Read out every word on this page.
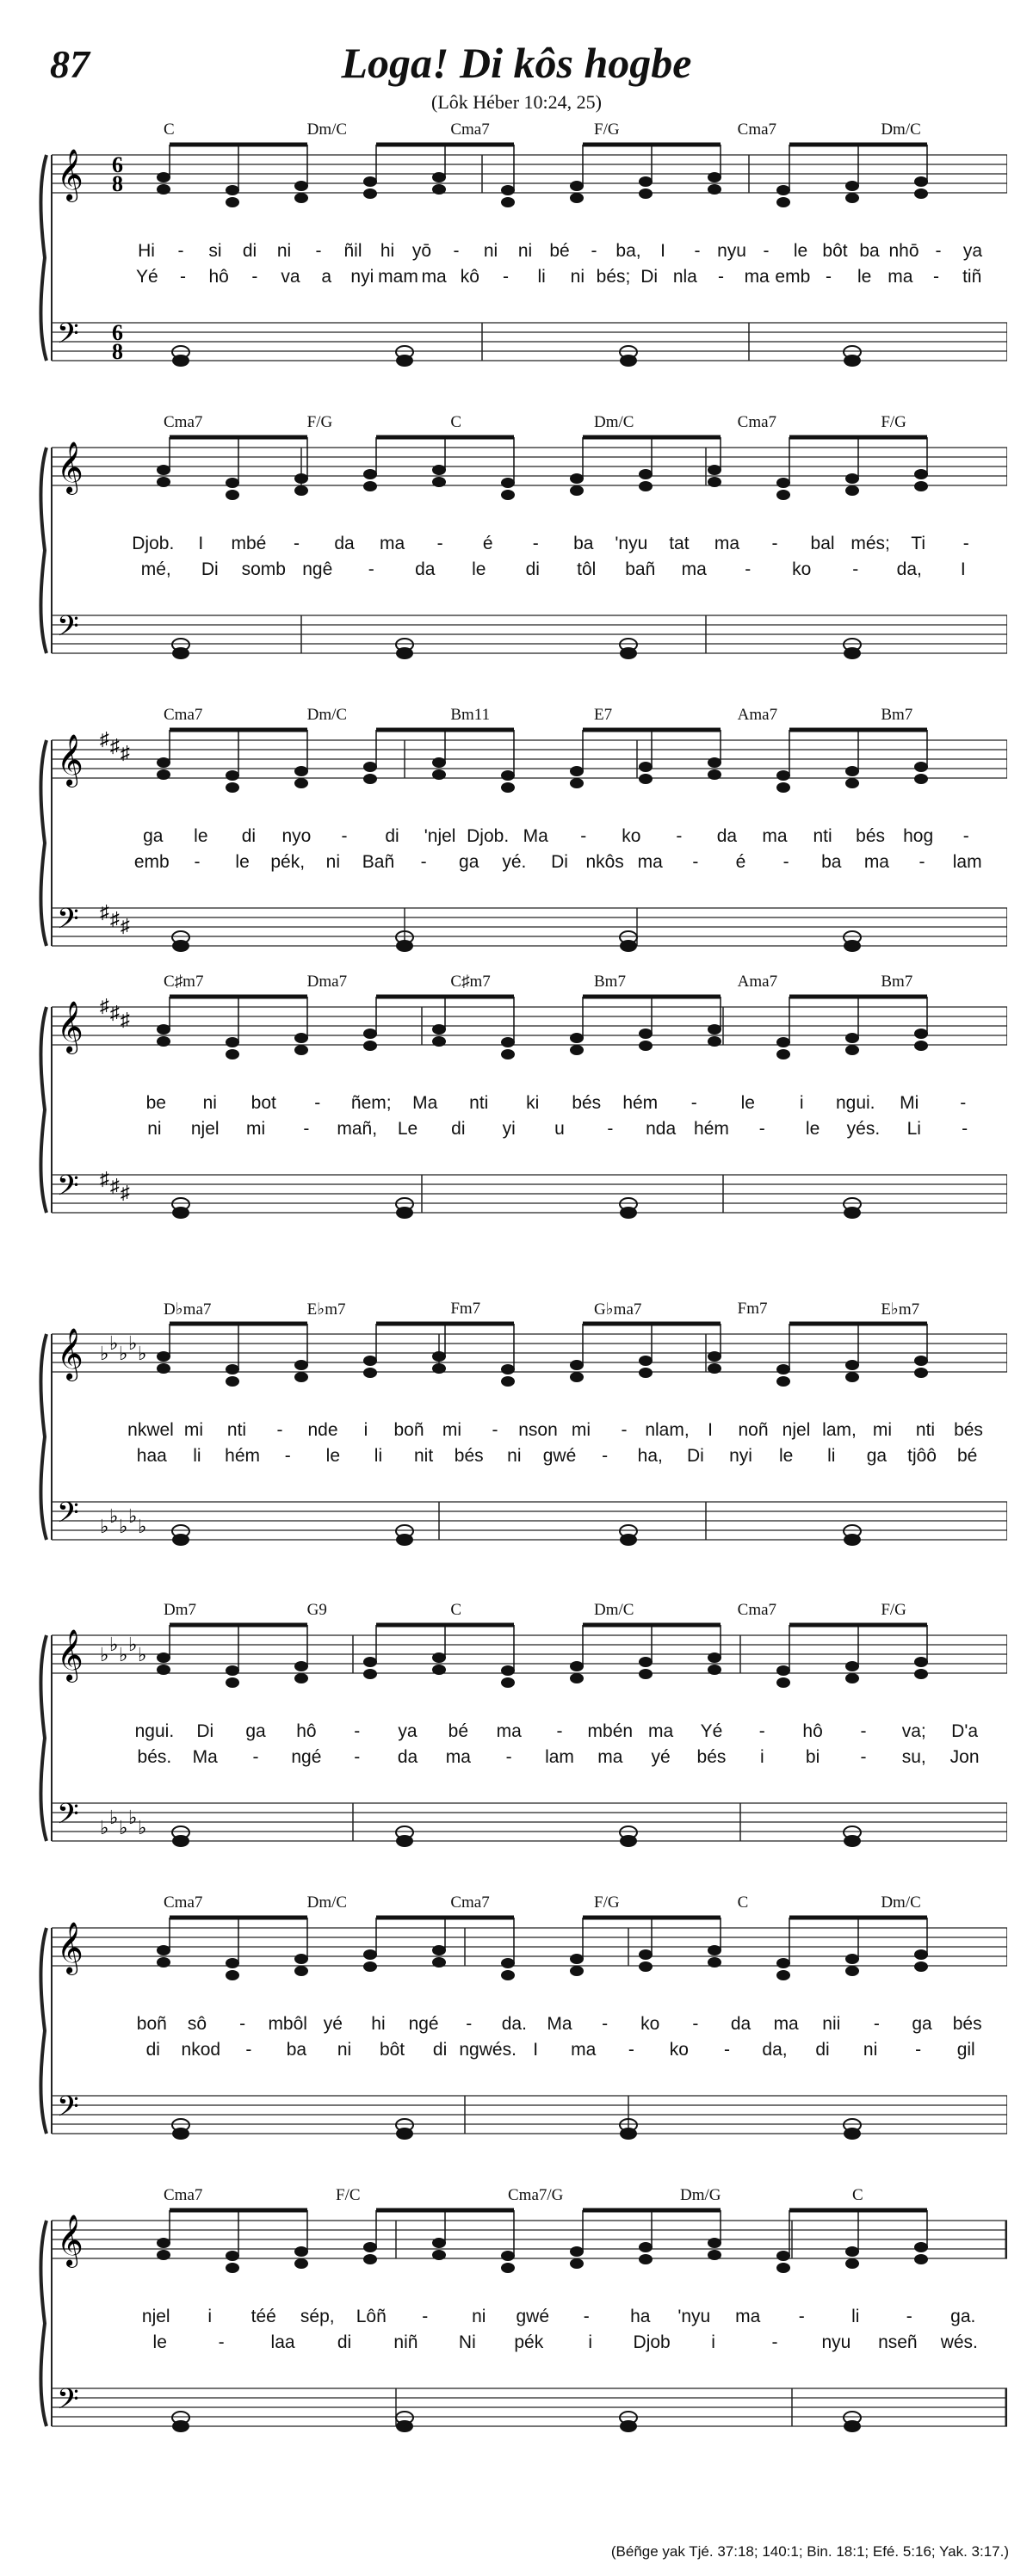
87	Loga! Di kôs hogbe
(Lôk Héber 10:24, 25)
𝄞
𝄢
6
6
8
8
C	Dm/C	Cma7	F/G	Cma7	Dm/C
Hi - si di ni - ñil hi yō - ni ni bé - ba, I - nyu - le bôt ba nhō - ya
Yé - hô - va a nyi mam ma kô - li ni bés; Di nla - ma emb - le ma - tiñ
𝄞
𝄢
Cma7	F/G	C	Dm/C	Cma7	F/G
Djob. I mbé - da ma - é - ba 'nyu tat ma - bal més; Ti -
mé, Di somb ngê - da le di tôl bañ ma - ko - da, I
𝄞
𝄢
♯
♯
♯
♯
♯
♯
Cma7	Dm/C	Bm11	E7	Ama7	Bm7
ga le di nyo - di 'njel Djob. Ma - ko - da ma nti bés hog -
emb - le pék, ni Bañ - ga yé. Di nkôs ma - é - ba ma - lam
𝄞
𝄢
♯
♯
♯
♯
♯
♯
C♯m7	Dma7	C♯m7	Bm7	Ama7	Bm7
be ni bot - ñem; Ma nti ki bés hém - le i ngui. Mi -
ni njel mi - mañ, Le di yi u - nda hém - le yés. Li -
𝄞
𝄢
♭
♭
♭
♭
♭
♭
♭
♭
♭
♭
D♭ma7	E♭m7	Fm7	G♭ma7	Fm7	E♭m7
nkwel mi nti - nde i boñ mi - nson mi - nlam, I noñ njel lam, mi nti bés
haa li hém - le li nit bés ni gwé - ha, Di nyi le li ga tjôô bé
𝄞
𝄢
♭
♭
♭
♭
♭
♭
♭
♭
♭
♭
Dm7	G9	C	Dm/C	Cma7	F/G
ngui. Di ga hô - ya bé ma - mbén ma Yé - hô - va; D'a
bés. Ma - ngé - da ma - lam ma yé bés i bi - su, Jon
𝄞
𝄢
Cma7	Dm/C	Cma7	F/G	C	Dm/C
boñ sô - mbôl yé hi ngé - da. Ma - ko - da ma nii - ga bés
di nkod - ba ni bôt di ngwés. I ma - ko - da, di ni - gil
𝄞
𝄢
Cma7	F/C	Cma7/G	Dm/G	C
njel i téé sép, Lôñ - ni gwé - ha 'nyu ma -	li	- ga.
le	-	laa di niñ Ni pék i Djob i	- nyu nseñ wés.
(Béñge yak Tjé. 37:18; 140:1; Bin. 18:1; Efé. 5:16; Yak. 3:17.)
